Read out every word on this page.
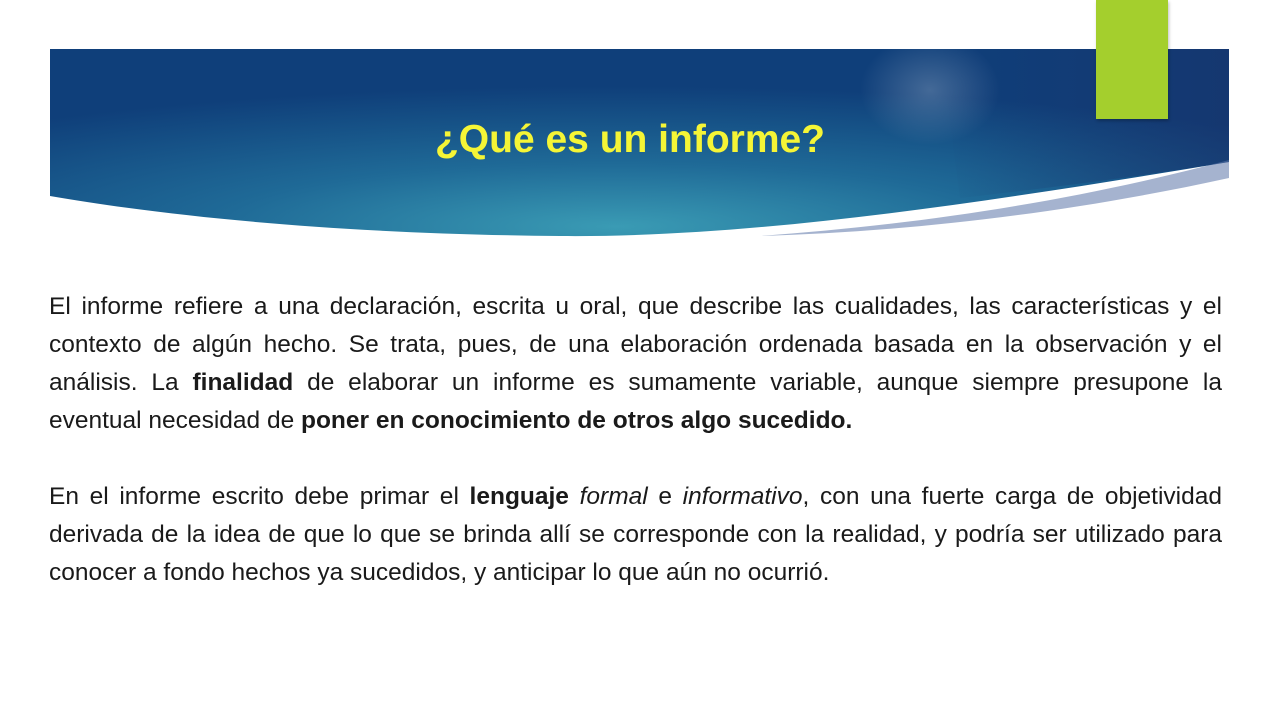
¿Qué es un informe?

El informe refiere a una declaración, escrita u oral, que describe las cualidades, las características y el contexto de algún hecho. Se trata, pues, de una elaboración ordenada basada en la observación y el análisis. La finalidad de elaborar un informe es sumamente variable, aunque siempre presupone la eventual necesidad de poner en conocimiento de otros algo sucedido.

En el informe escrito debe primar el lenguaje formal e informativo, con una fuerte carga de objetividad derivada de la idea de que lo que se brinda allí se corresponde con la realidad, y podría ser utilizado para conocer a fondo hechos ya sucedidos, y anticipar lo que aún no ocurrió.
